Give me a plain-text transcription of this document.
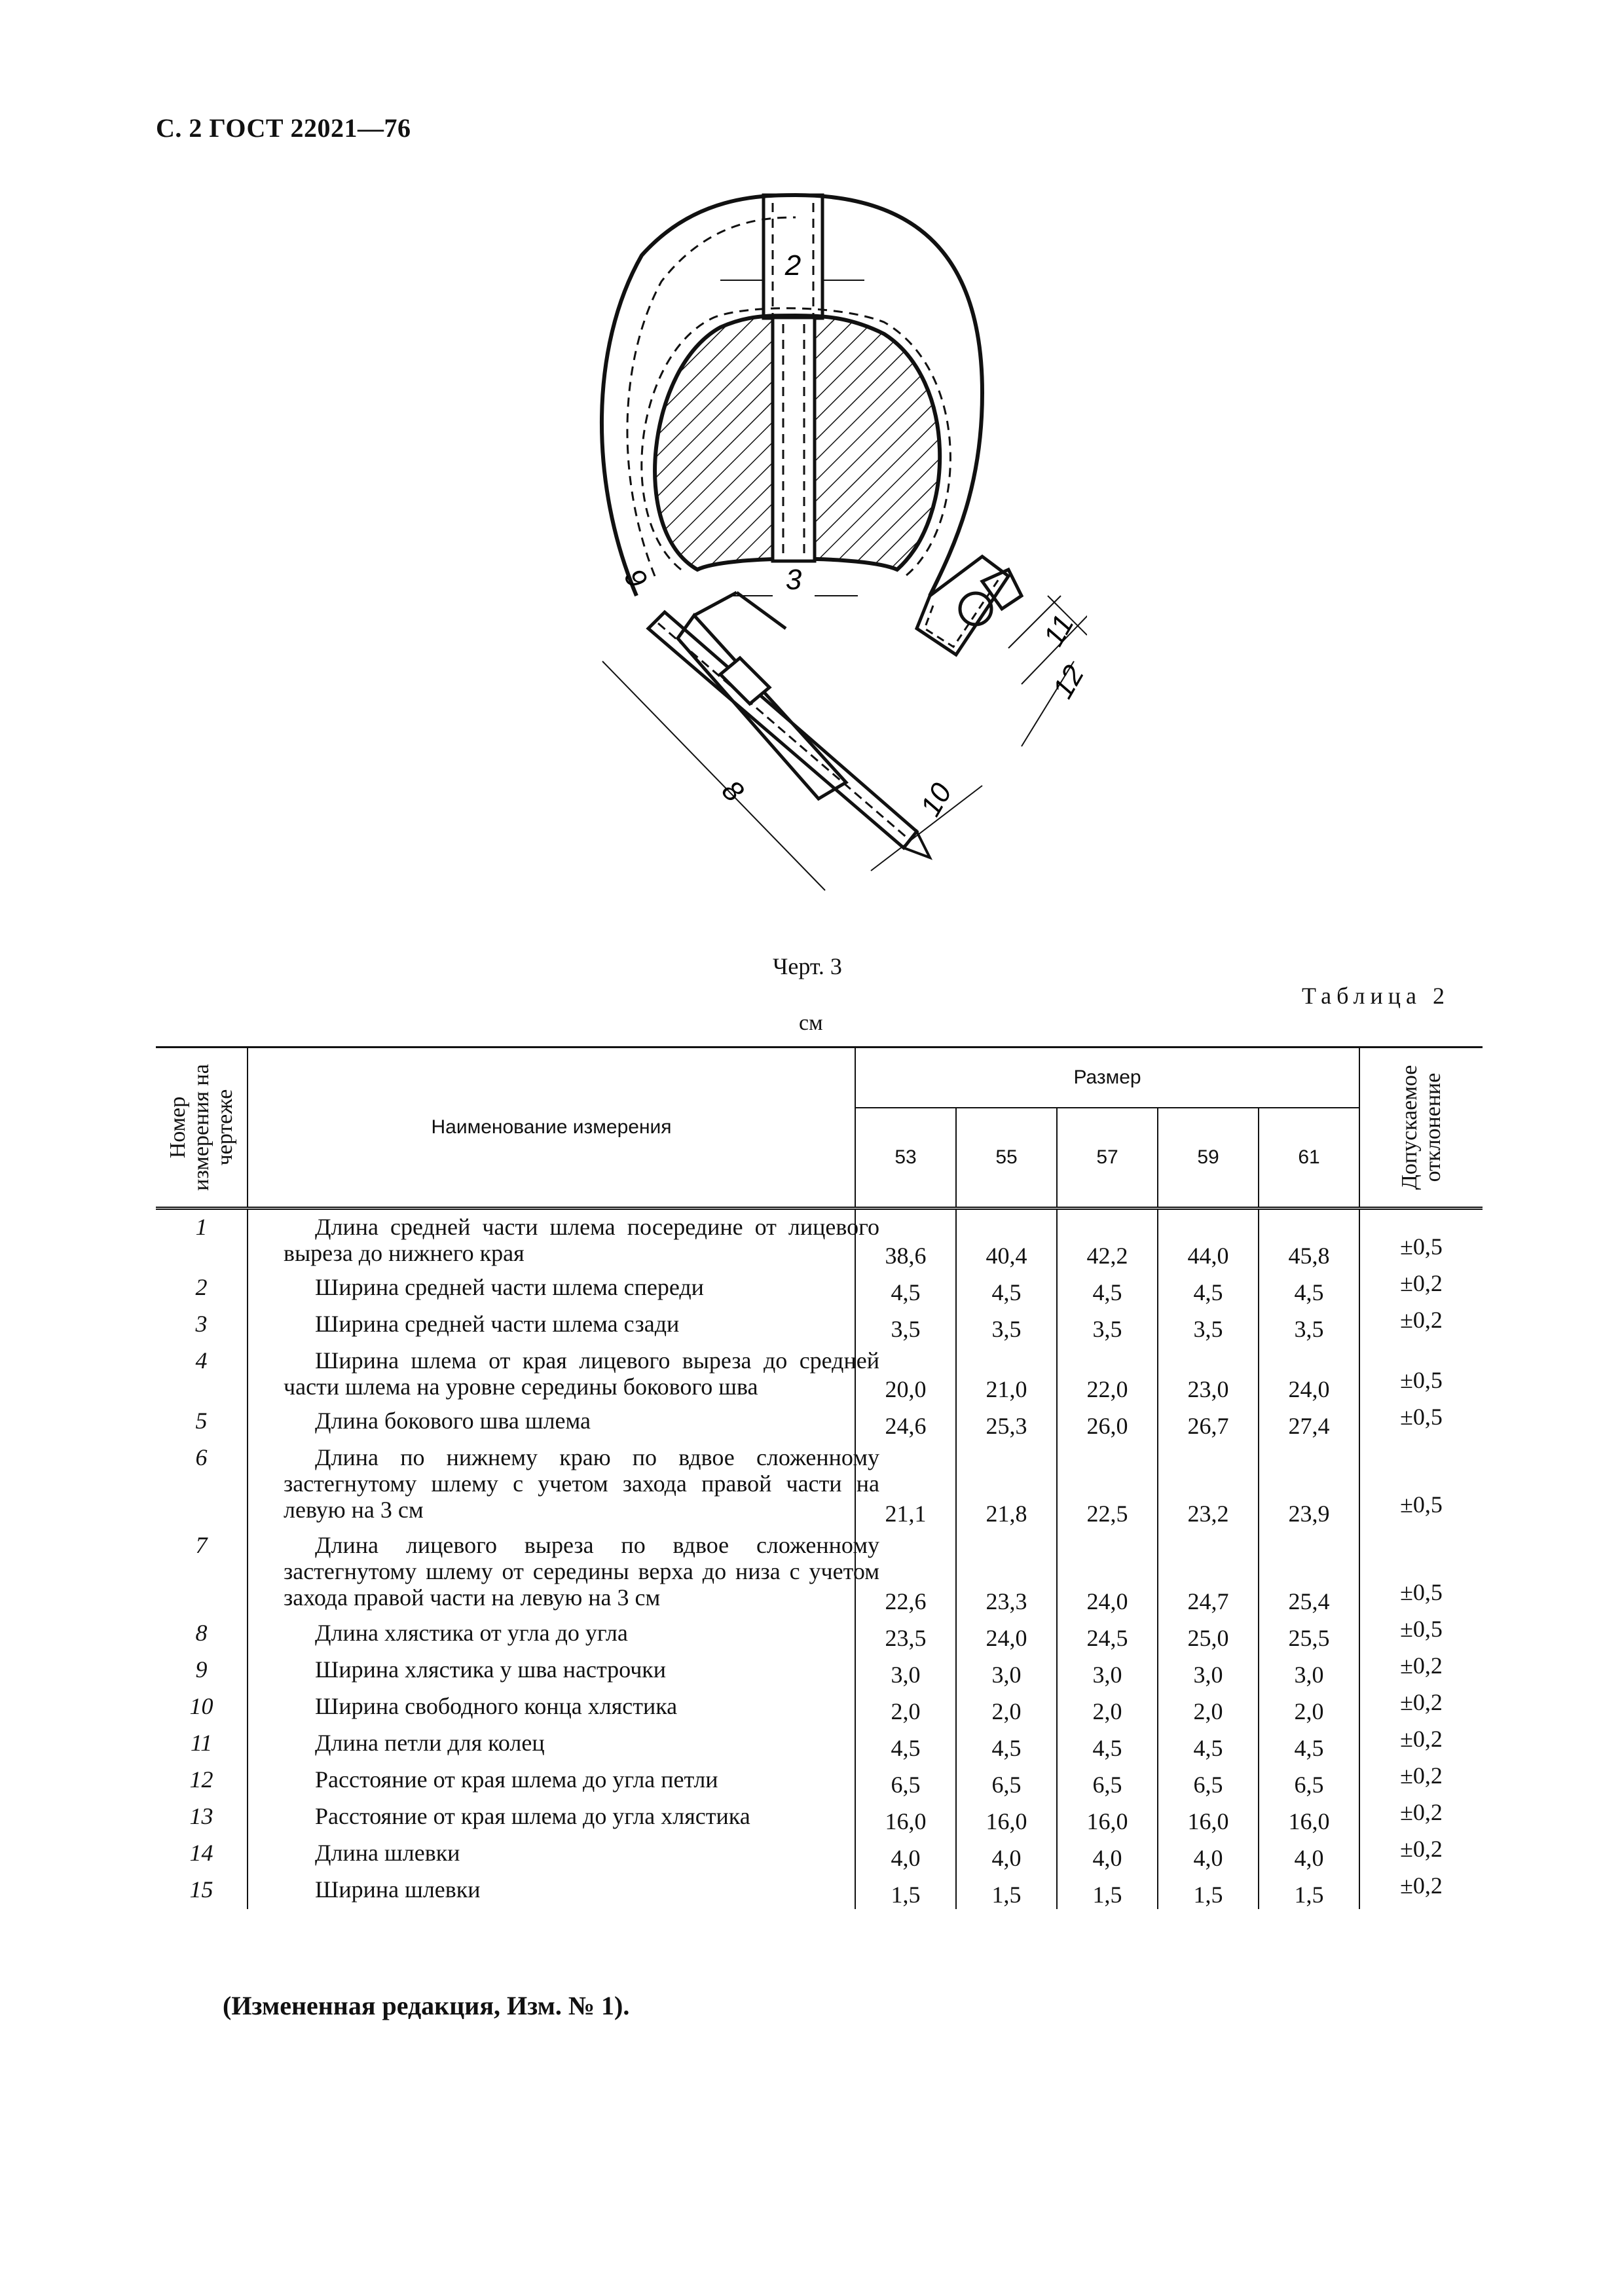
С. 2 ГОСТ 22021—76
2
3
11
12
9
8	10
Черт. 3
Таблица 2
см
Номер измерения на чертеже	Наименование измерения	Размер					Допускаемое отклонение

		53	55	57	59	61	
1	Длина средней части шлема посередине от лицевого выреза до нижнего края	38,6	40,4	42,2	44,0	45,8	±0,5
2	Ширина средней части шлема спереди	4,5	4,5	4,5	4,5	4,5	±0,2
3	Ширина средней части шлема сзади	3,5	3,5	3,5	3,5	3,5	±0,2
4	Ширина шлема от края лицевого выреза до средней части шлема на уровне середины бокового шва	20,0	21,0	22,0	23,0	24,0	±0,5
5	Длина бокового шва шлема	24,6	25,3	26,0	26,7	27,4	±0,5
6	Длина по нижнему краю по вдвое сложенному застегнутому шлему с учетом захода правой части на левую на 3 см	21,1	21,8	22,5	23,2	23,9	±0,5
7	Длина лицевого выреза по вдвое сложенному застегнутому шлему от середины верха до низа с учетом захода правой части на левую на 3 см	22,6	23,3	24,0	24,7	25,4	±0,5
8	Длина хлястика от угла до угла	23,5	24,0	24,5	25,0	25,5	±0,5
9	Ширина хлястика у шва настрочки	3,0	3,0	3,0	3,0	3,0	±0,2
10	Ширина свободного конца хлястика	2,0	2,0	2,0	2,0	2,0	±0,2
11	Длина петли для колец	4,5	4,5	4,5	4,5	4,5	±0,2
12	Расстояние от края шлема до угла петли	6,5	6,5	6,5	6,5	6,5	±0,2
13	Расстояние от края шлема до угла хлястика	16,0	16,0	16,0	16,0	16,0	±0,2
14	Длина шлевки	4,0	4,0	4,0	4,0	4,0	±0,2
15	Ширина шлевки	1,5	1,5	1,5	1,5	1,5	±0,2
(Измененная редакция, Изм. № 1).
